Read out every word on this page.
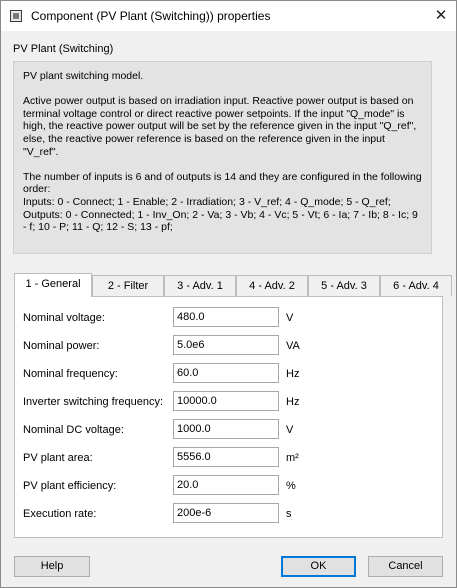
Component (PV Plant (Switching)) properties	✕
PV Plant (Switching)
PV plant switching model.

Active power output is based on irradiation input. Reactive power output is based on terminal voltage control or direct reactive power setpoints. If the input "Q_mode" is high, the reactive power output will be set by the reference given in the input "Q_ref", else, the reactive power reference is based on the reference given in the input "V_ref".

The number of inputs is 6 and of outputs is 14 and they are configured in the following order:
Inputs: 0 - Connect; 1 - Enable; 2 - Irradiation; 3 - V_ref; 4 - Q_mode; 5 - Q_ref;
Outputs: 0 - Connected; 1 - Inv_On; 2 - Va; 3 - Vb; 4 - Vc; 5 - Vt; 6 - Ia; 7 - Ib; 8 - Ic; 9 - f; 10 - P; 11 - Q; 12 - S; 13 - pf;
1 - General	2 - Filter	3 - Adv. 1	4 - Adv. 2	5 - Adv. 3	6 - Adv. 4
Nominal voltage:
480.0	V
Nominal power:
5.0e6	VA
Nominal frequency:
60.0	Hz
Inverter switching frequency:
10000.0	Hz
Nominal DC voltage:
1000.0	V
PV plant area:
5556.0	m²
PV plant efficiency:
20.0	%
Execution rate:
200e-6	s
Help	OK	Cancel
